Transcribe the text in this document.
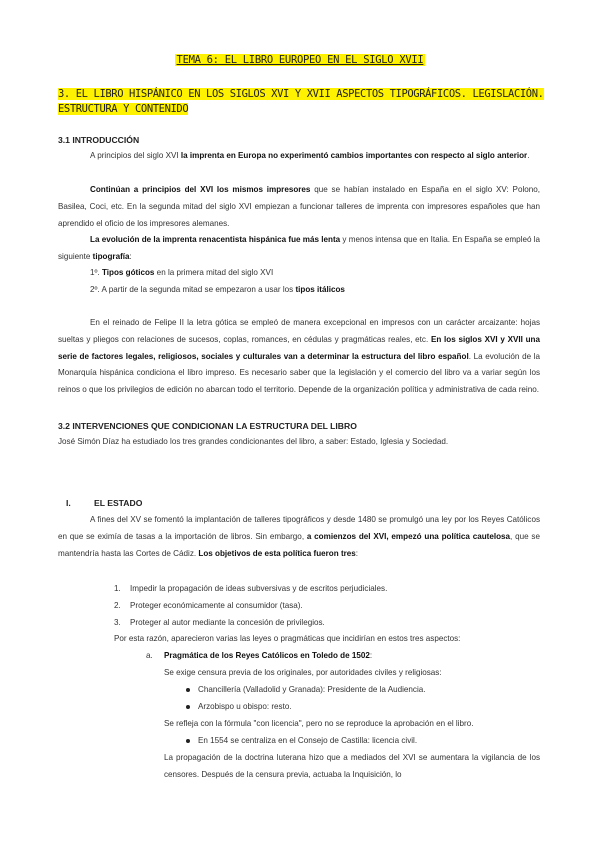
TEMA 6: EL LIBRO EUROPEO EN EL SIGLO XVII
3. EL LIBRO HISPÁNICO EN LOS SIGLOS XVI Y XVII ASPECTOS TIPOGRÁFICOS. LEGISLACIÓN. ESTRUCTURA Y CONTENIDO
3.1 INTRODUCCIÓN
A principios del siglo XVI la imprenta en Europa no experimentó cambios importantes con respecto al siglo anterior.
Continúan a principios del XVI los mismos impresores que se habían instalado en España en el siglo XV: Polono, Basilea, Coci, etc. En la segunda mitad del siglo XVI empiezan a funcionar talleres de imprenta con impresores españoles que han aprendido el oficio de los impresores alemanes.
La evolución de la imprenta renacentista hispánica fue más lenta y menos intensa que en Italia. En España se empleó la siguiente tipografía:
1º. Tipos góticos en la primera mitad del siglo XVI
2º. A partir de la segunda mitad se empezaron a usar los tipos itálicos
En el reinado de Felipe II la letra gótica se empleó de manera excepcional en impresos con un carácter arcaizante: hojas sueltas y pliegos con relaciones de sucesos, coplas, romances, en cédulas y pragmáticas reales, etc. En los siglos XVI y XVII una serie de factores legales, religiosos, sociales y culturales van a determinar la estructura del libro español. La evolución de la Monarquía hispánica condiciona el libro impreso. Es necesario saber que la legislación y el comercio del libro va a variar según los reinos o que los privilegios de edición no abarcan todo el territorio. Depende de la organización política y administrativa de cada reino.
3.2 INTERVENCIONES QUE CONDICIONAN LA ESTRUCTURA DEL LIBRO
José Simón Díaz ha estudiado los tres grandes condicionantes del libro, a saber: Estado, Iglesia y Sociedad.
I.	EL ESTADO
A fines del XV se fomentó la implantación de talleres tipográficos y desde 1480 se promulgó una ley por los Reyes Católicos en que se eximía de tasas a la importación de libros. Sin embargo, a comienzos del XVI, empezó una política cautelosa, que se mantendría hasta las Cortes de Cádiz. Los objetivos de esta política fueron tres:
1. Impedir la propagación de ideas subversivas y de escritos perjudiciales.
2. Proteger económicamente al consumidor (tasa).
3. Proteger al autor mediante la concesión de privilegios.
Por esta razón, aparecieron varias las leyes o pragmáticas que incidirían en estos tres aspectos:
a. Pragmática de los Reyes Católicos en Toledo de 1502:
Se exige censura previa de los originales, por autoridades civiles y religiosas:
Chancillería (Valladolid y Granada): Presidente de la Audiencia.
Arzobispo u obispo: resto.
Se refleja con la fórmula "con licencia", pero no se reproduce la aprobación en el libro.
En 1554 se centraliza en el Consejo de Castilla: licencia civil.
La propagación de la doctrina luterana hizo que a mediados del XVI se aumentara la vigilancia de los censores. Después de la censura previa, actuaba la Inquisición, lo
